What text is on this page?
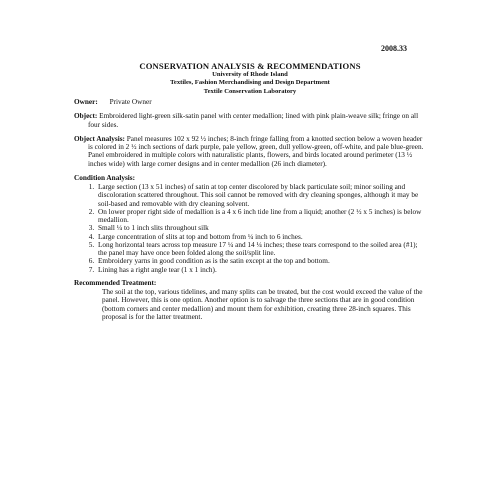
2008.33
CONSERVATION ANALYSIS & RECOMMENDATIONS
University of Rhode Island
Textiles, Fashion Merchandising and Design Department
Textile Conservation Laboratory
Owner: Private Owner
Object: Embroidered light-green silk-satin panel with center medallion; lined with pink plain-weave silk; fringe on all four sides.
Object Analysis: Panel measures 102 x 92 ½ inches; 8-inch fringe falling from a knotted section below a woven header is colored in 2 ½ inch sections of dark purple, pale yellow, green, dull yellow-green, off-white, and pale blue-green. Panel embroidered in multiple colors with naturalistic plants, flowers, and birds located around perimeter (13 ½ inches wide) with large corner designs and in center medallion (26 inch diameter).
Condition Analysis:
1. Large section (13 x 51 inches) of satin at top center discolored by black particulate soil; minor soiling and discoloration scattered throughout. This soil cannot be removed with dry cleaning sponges, although it may be soil-based and removable with dry cleaning solvent.
2. On lower proper right side of medallion is a 4 x 6 inch tide line from a liquid; another (2 ½ x 5 inches) is below medallion.
3. Small ¼ to 1 inch slits throughout silk
4. Large concentration of slits at top and bottom from ¼ inch to 6 inches.
5. Long horizontal tears across top measure 17 ¼ and 14 ¼ inches; these tears correspond to the soiled area (#1); the panel may have once been folded along the soil/split line.
6. Embroidery yarns in good condition as is the satin except at the top and bottom.
7. Lining has a right angle tear (1 x 1 inch).
Recommended Treatment:
The soil at the top, various tidelines, and many splits can be treated, but the cost would exceed the value of the panel. However, this is one option. Another option is to salvage the three sections that are in good condition (bottom corners and center medallion) and mount them for exhibition, creating three 28-inch squares. This proposal is for the latter treatment.
